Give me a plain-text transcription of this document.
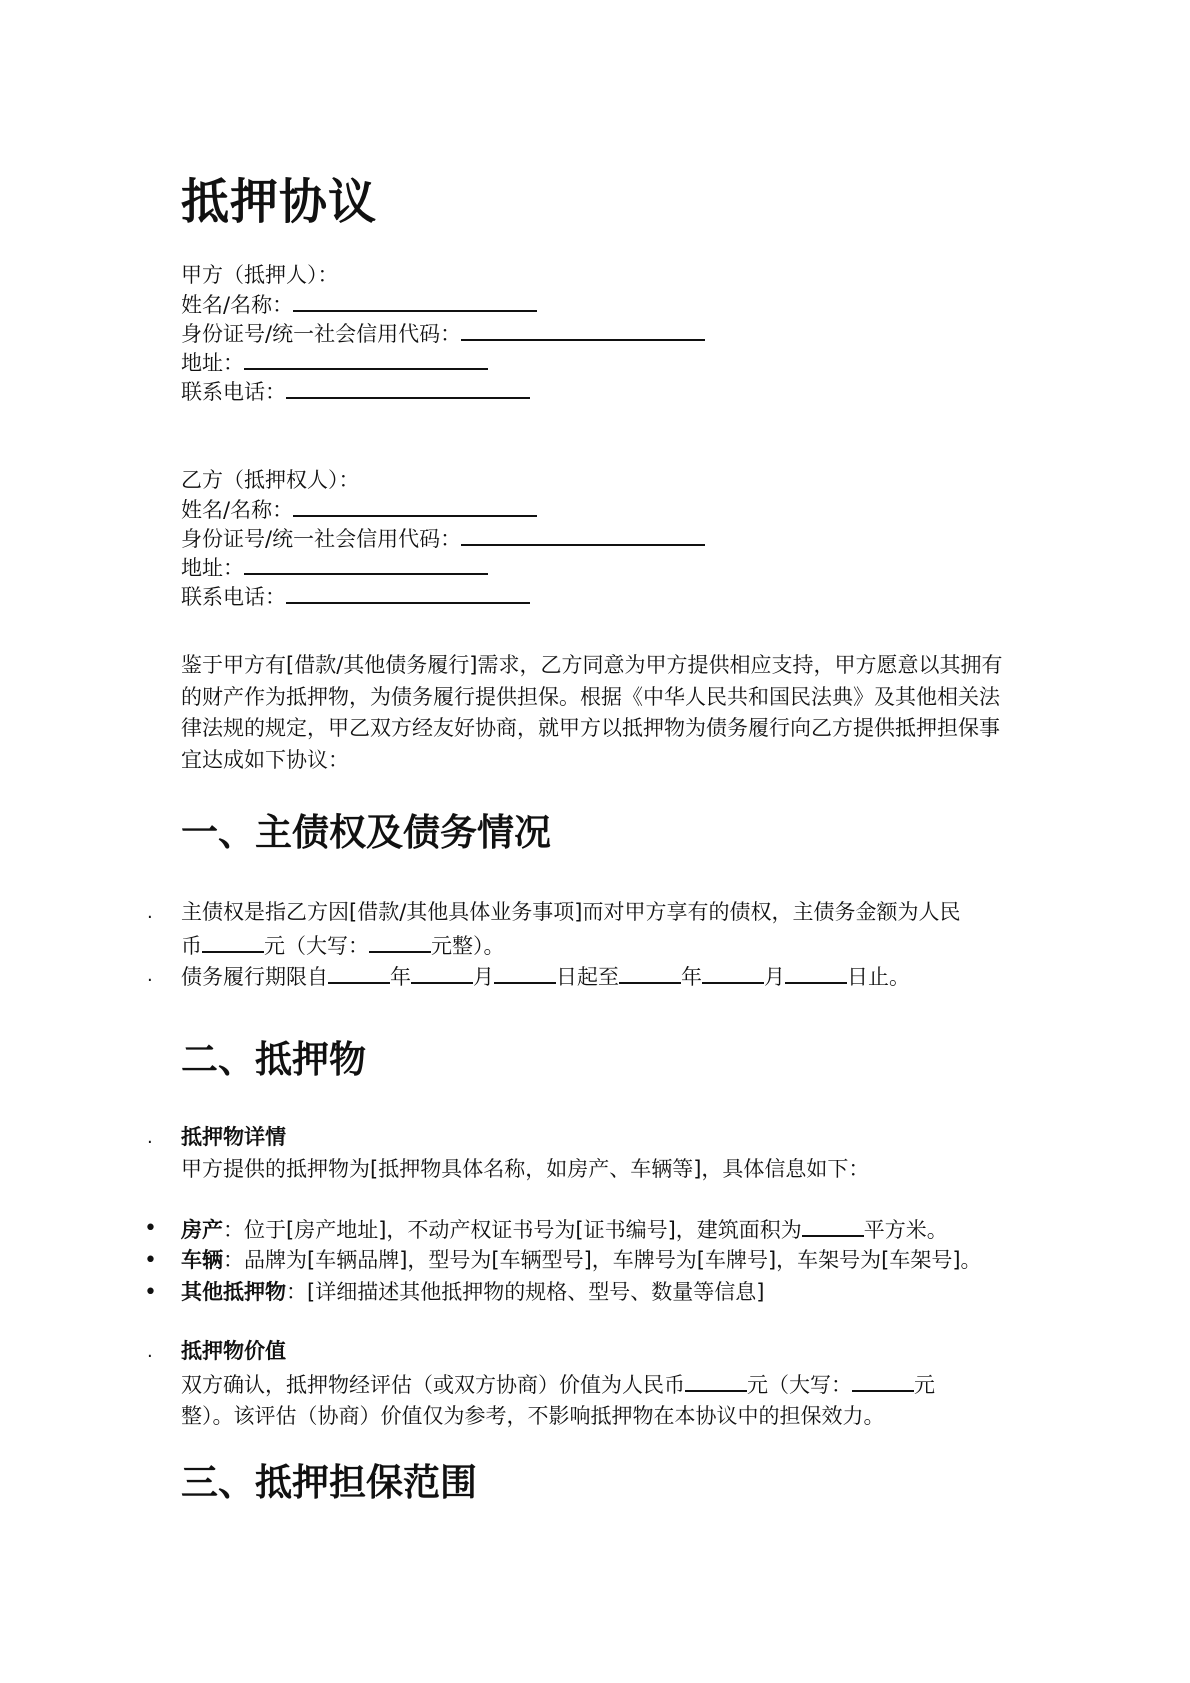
抵押协议
甲方（抵押人）：
姓名/名称：
身份证号/统一社会信用代码：
地址：
联系电话：
乙方（抵押权人）：
姓名/名称：
身份证号/统一社会信用代码：
地址：
联系电话：
鉴于甲方有[借款/其他债务履行]需求，乙方同意为甲方提供相应支持，甲方愿意以其拥有的财产作为抵押物，为债务履行提供担保。根据《中华人民共和国民法典》及其他相关法律法规的规定，甲乙双方经友好协商，就甲方以抵押物为债务履行向乙方提供抵押担保事宜达成如下协议：
一、主债权及债务情况
. 主债权是指乙方因[借款/其他具体业务事项]而对甲方享有的债权，主债务金额为人民
币	元（大写：	元整）。
. 债务履行期限自	年	月	日起至	年	月	日止。
二、抵押物
. 抵押物详情
甲方提供的抵押物为[抵押物具体名称，如房产、车辆等]，具体信息如下：
• 房产：位于[房产地址]，不动产权证书号为[证书编号]，建筑面积为	平方米。
• 车辆：品牌为[车辆品牌]，型号为[车辆型号]，车牌号为[车牌号]，车架号为[车架号]。
• 其他抵押物：[详细描述其他抵押物的规格、型号、数量等信息]
. 抵押物价值
双方确认，抵押物经评估（或双方协商）价值为人民币	元（大写：	元
整）。该评估（协商）价值仅为参考，不影响抵押物在本协议中的担保效力。
三、抵押担保范围
